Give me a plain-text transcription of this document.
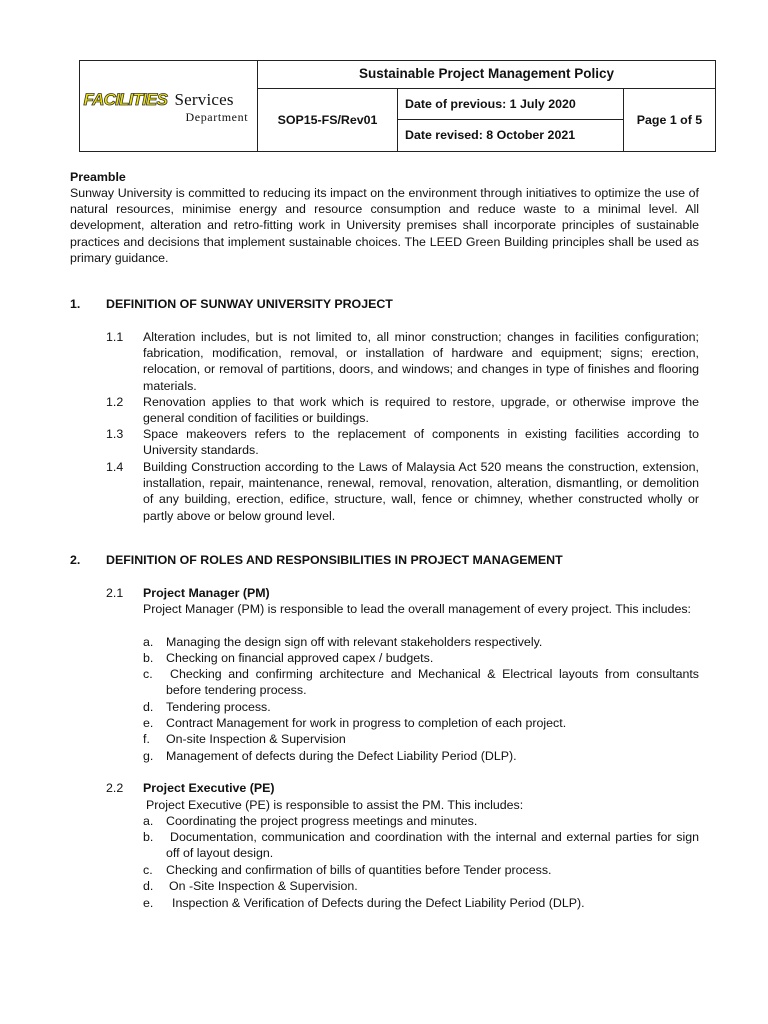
FACILITIES Services
Department
Sustainable Project Management Policy
SOP15-FS/Rev01
Date of previous: 1 July 2020
Date revised: 8 October 2021
Page 1 of 5
Preamble

Sunway University is committed to reducing its impact on the environment through initiatives to optimize the use of natural resources, minimise energy and resource consumption and reduce waste to a minimal level. All development, alteration and retro-fitting work in University premises shall incorporate principles of sustainable practices and decisions that implement sustainable choices. The LEED Green Building principles shall be used as primary guidance.

1. DEFINITION OF SUNWAY UNIVERSITY PROJECT
1.1 Alteration includes, but is not limited to, all minor construction; changes in facilities configuration; fabrication, modification, removal, or installation of hardware and equipment; signs; erection, relocation, or removal of partitions, doors, and windows; and changes in type of finishes and flooring materials.

1.2 Renovation applies to that work which is required to restore, upgrade, or otherwise improve the general condition of facilities or buildings.

1.3 Space makeovers refers to the replacement of components in existing facilities according to University standards.

1.4 Building Construction according to the Laws of Malaysia Act 520 means the construction, extension, installation, repair, maintenance, renewal, removal, renovation, alteration, dismantling, or demolition of any building, erection, edifice, structure, wall, fence or chimney, whether constructed wholly or partly above or below ground level.

2. DEFINITION OF ROLES AND RESPONSIBILITIES IN PROJECT MANAGEMENT
2.1 Project Manager (PM)

Project Manager (PM) is responsible to lead the overall management of every project. This includes:

a. Managing the design sign off with relevant stakeholders respectively.

b. Checking on financial approved capex / budgets.

c.	Checking and confirming architecture and Mechanical & Electrical layouts from consultants before tendering process.

d. Tendering process.

e. Contract Management for work in progress to completion of each project.

f. On-site Inspection & Supervision

g. Management of defects during the Defect Liability Period (DLP).

2.2 Project Executive (PE)

Project Executive (PE) is responsible to assist the PM. This includes:

a. Coordinating the project progress meetings and minutes.

b.	Documentation, communication and coordination with the internal and external parties for sign off of layout design.

c. Checking and confirmation of bills of quantities before Tender process.

d. On -Site Inspection & Supervision.

e.	Inspection & Verification of Defects during the Defect Liability Period (DLP).
